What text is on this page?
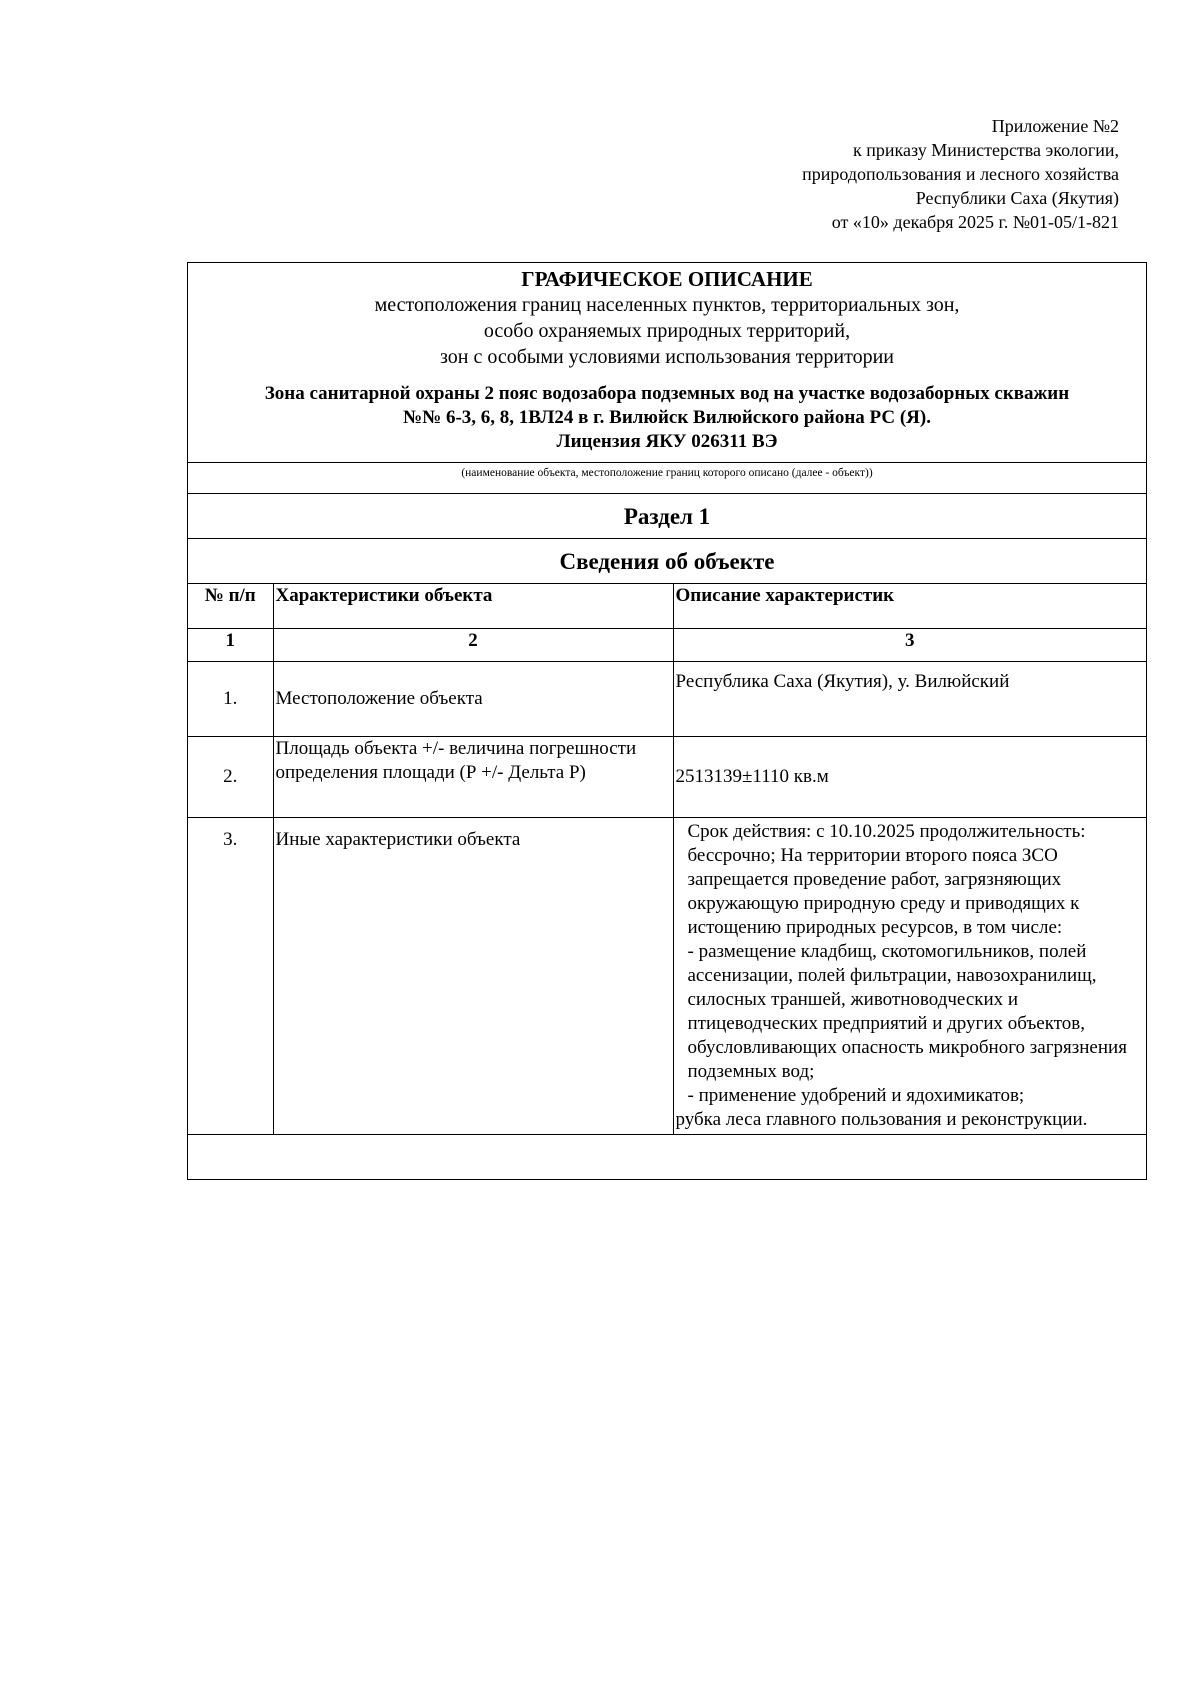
Приложение №2
к приказу Министерства экологии,
природопользования и лесного хозяйства
Республики Саха (Якутия)
от «10» декабря 2025 г. №01-05/1-821
ГРАФИЧЕСКОЕ ОПИСАНИЕ
местоположения границ населенных пунктов, территориальных зон,
особо охраняемых природных территорий,
зон с особыми условиями использования территории
Зона санитарной охраны 2 пояс водозабора подземных вод на участке водозаборных скважин
№№ 6-3, 6, 8, 1ВЛ24 в г. Вилюйск Вилюйского района РС (Я).
Лицензия ЯКУ 026311 ВЭ
(наименование объекта, местоположение границ которого описано (далее - объект))
Раздел 1
Сведения об объекте
№ п/п	Характеристики объекта	Описание характеристик
1	2	3
1.	Местоположение объекта	Республика Саха (Якутия), у. Вилюйский
2.	Площадь объекта +/- величина погрешности определения площади (Р +/- Дельта Р)	2513139±1110 кв.м
3.	Иные характеристики объекта	Срок действия: с 10.10.2025 продолжительность: бессрочно; На территории второго пояса ЗСО запрещается проведение работ, загрязняющих окружающую природную среду и приводящих к истощению природных ресурсов, в том числе:
- размещение кладбищ, скотомогильников, полей ассенизации, полей фильтрации, навозохранилищ, силосных траншей, животноводческих и птицеводческих предприятий и других объектов, обусловливающих опасность микробного загрязнения подземных вод;
- применение удобрений и ядохимикатов;
рубка леса главного пользования и реконструкции.
